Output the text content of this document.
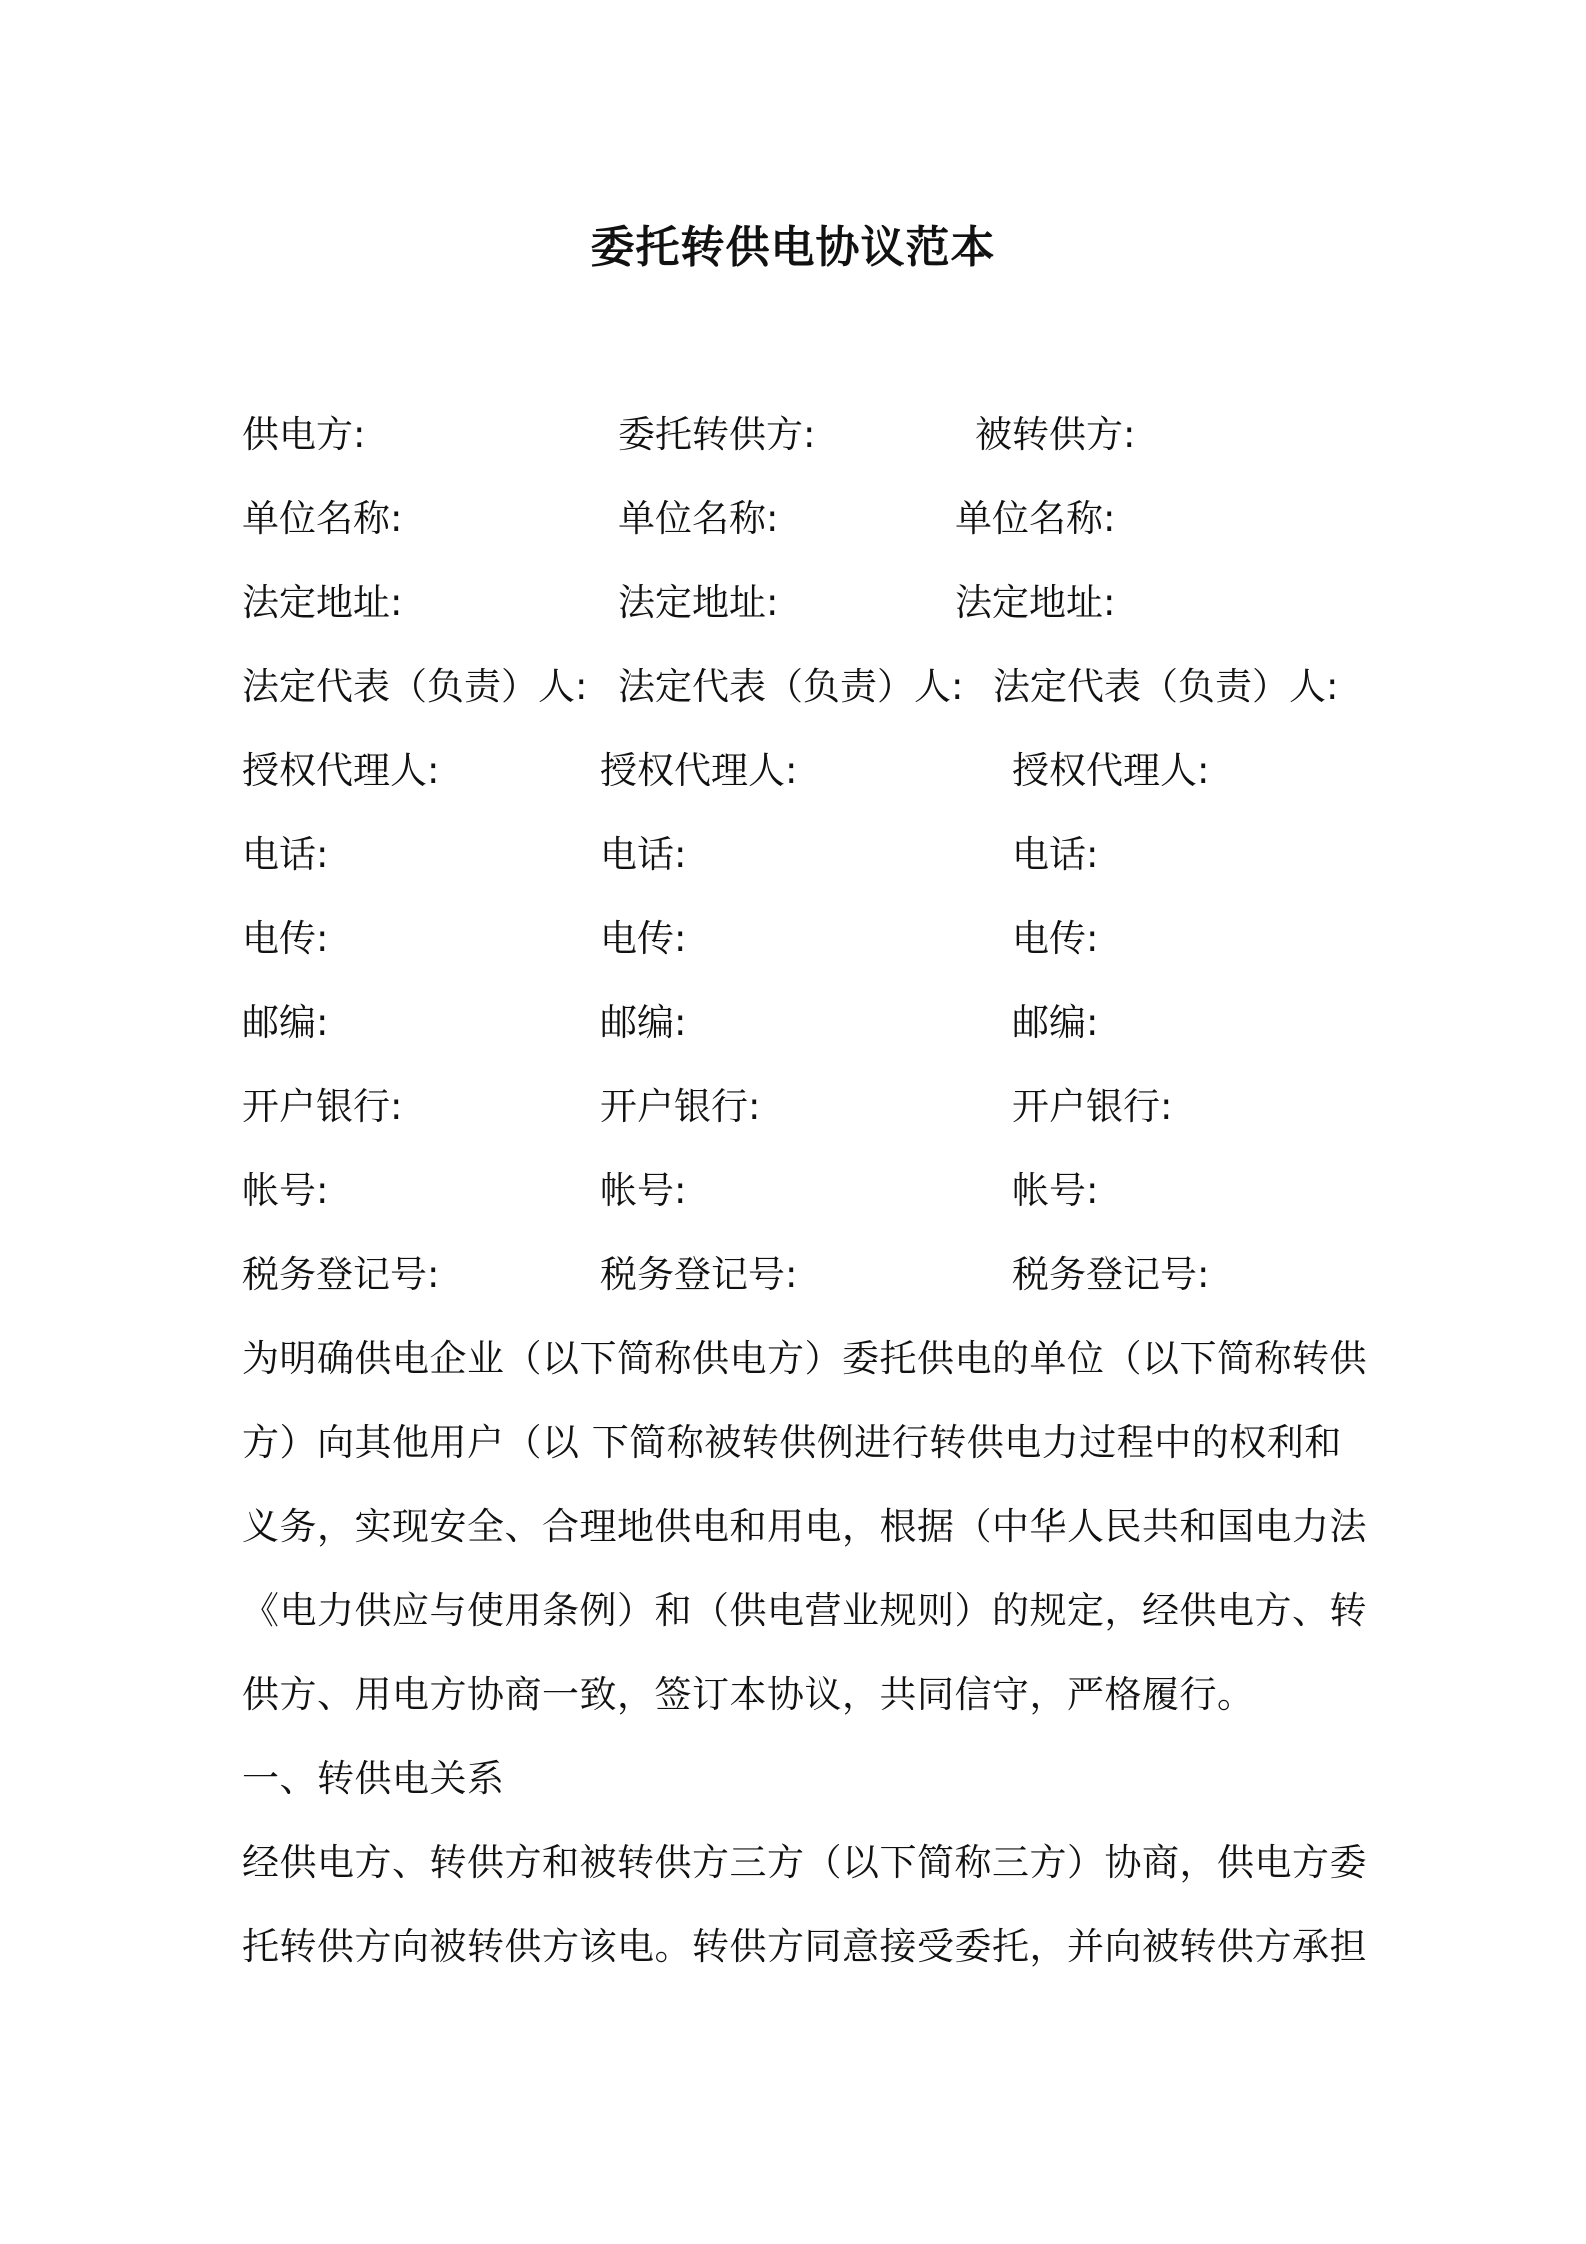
委托转供电协议范本
供电方:	委托转供方:	被转供方:
单位名称:	单位名称:	单位名称:
法定地址:	法定地址:	法定地址:
法定代表（负责）人: 法定代表（负责）人: 法定代表（负责）人:
授权代理人:	授权代理人:	授权代理人:
电话:	电话:	电话:
电传:	电传:	电传:
邮编:	邮编:	邮编:
开户银行:	开户银行:	开户银行:
帐号:	帐号:	帐号:
税务登记号:	税务登记号:	税务登记号:
为明确供电企业（以下简称供电方）委托供电的单位（以下简称转供
方）向其他用户（以 下简称被转供例进行转供电力过程中的权利和
义务，实现安全、合理地供电和用电，根据（中华人民共和国电力法
《电力供应与使用条例）和（供电营业规则）的规定，经供电方、转
供方、用电方协商一致，签订本协议，共同信守，严格履行。
一、转供电关系
经供电方、转供方和被转供方三方（以下简称三方）协商，供电方委
托转供方向被转供方该电。转供方同意接受委托，并向被转供方承担
